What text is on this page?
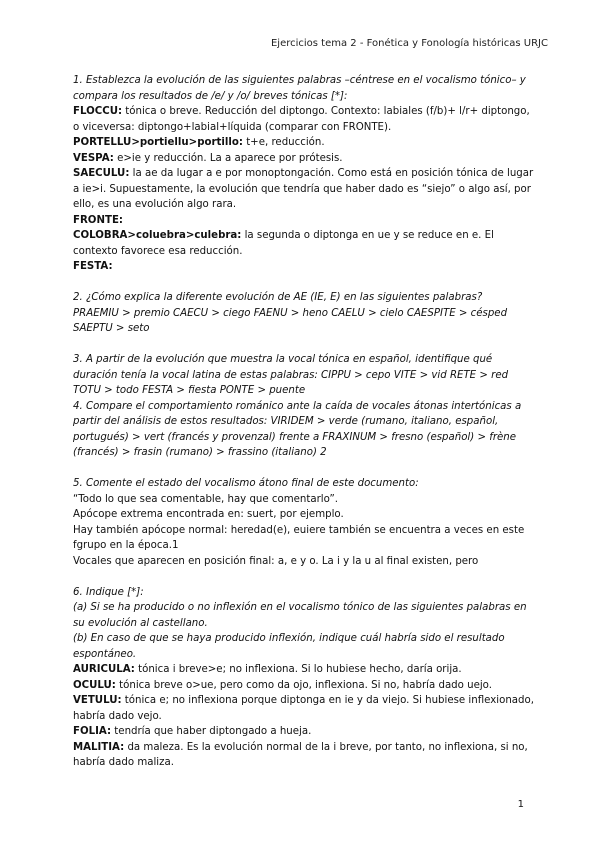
Ejercicios tema 2 - Fonética y Fonología históricas URJC

1. Establezca la evolución de las siguientes palabras –céntrese en el vocalismo tónico– y compara los resultados de /e/ y /o/ breves tónicas [*]:

FLOCCU: tónica o breve. Reducción del diptongo. Contexto: labiales (f/b)+ l/r+ diptongo, o viceversa: diptongo+labial+líquida (comparar con FRONTE).

PORTELLU>portiellu>portillo: t+e, reducción.

VESPA: e>ie y reducción. La a aparece por prótesis.

SAECULU: la ae da lugar a e por monoptongación. Como está en posición tónica de lugar a ie>i. Supuestamente, la evolución que tendría que haber dado es “siejo” o algo así, por ello, es una evolución algo rara.

FRONTE:

COLOBRA>coluebra>culebra: la segunda o diptonga en ue y se reduce en e. El contexto favorece esa reducción.

FESTA:

2. ¿Cómo explica la diferente evolución de AE (IE, E) en las siguientes palabras?

PRAEMIU > premio CAECU > ciego FAENU > heno CAELU > cielo CAESPITE > césped SAEPTU > seto

3. A partir de la evolución que muestra la vocal tónica en español, identifique qué duración tenía la vocal latina de estas palabras: CIPPU > cepo VITE > vid RETE > red TOTU > todo FESTA > fiesta PONTE > puente

4. Compare el comportamiento románico ante la caída de vocales átonas intertónicas a partir del análisis de estos resultados: VIRIDEM > verde (rumano, italiano, español, portugués) > vert (francés y provenzal) frente a FRAXINUM > fresno (español) > frène (francés) > frasin (rumano) > frassino (italiano) 2

5. Comente el estado del vocalismo átono final de este documento:

“Todo lo que sea comentable, hay que comentarlo”.

Apócope extrema encontrada en: suert, por ejemplo.

Hay también apócope normal: heredad(e), euiere también se encuentra a veces en este fgrupo en la época.1

Vocales que aparecen en posición final: a, e y o. La i y la u al final existen, pero

6. Indique [*]:

(a) Si se ha producido o no inflexión en el vocalismo tónico de las siguientes palabras en su evolución al castellano.

(b) En caso de que se haya producido inflexión, indique cuál habría sido el resultado espontáneo.

AURICULA: tónica i breve>e; no inflexiona. Si lo hubiese hecho, daría orija.

OCULU: tónica breve o>ue, pero como da ojo, inflexiona. Si no, habría dado uejo.

VETULU: tónica e; no inflexiona porque diptonga en ie y da viejo. Si hubiese inflexionado, habría dado vejo.

FOLIA: tendría que haber diptongado a hueja.

MALITIA: da maleza. Es la evolución normal de la i breve, por tanto, no inflexiona, si no, habría dado maliza.

1
